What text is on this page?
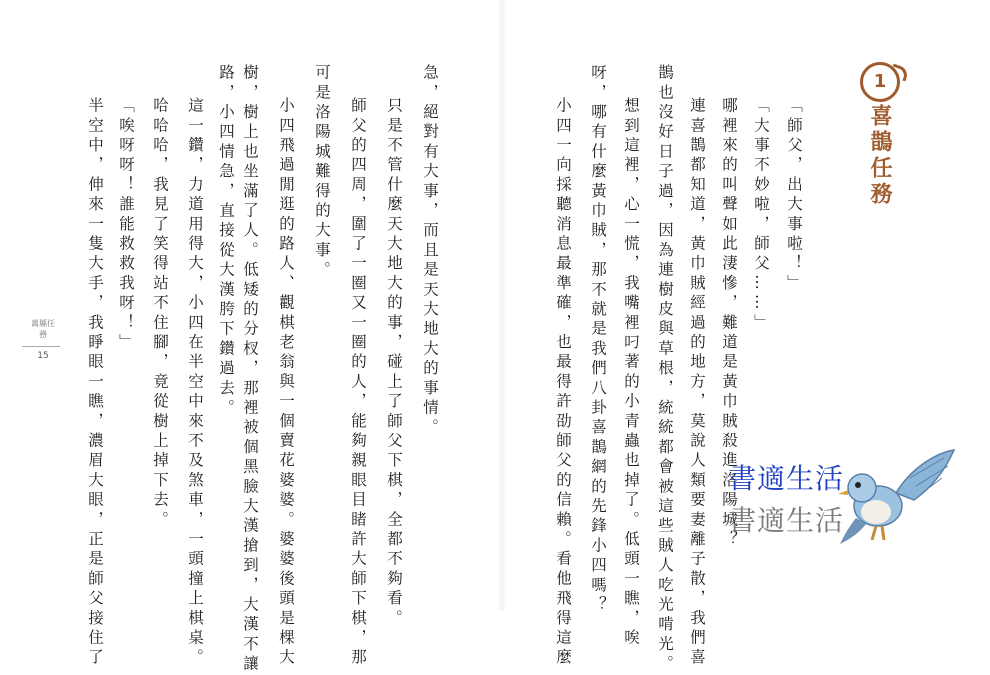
萬縣任務
15	急，絕對有大事，而且是天大地大的事情。
只是不管什麼天大地大的事，碰上了師父下棋，全都不夠看。
師父的四周，圍了一圈又一圈的人，能夠親眼目睹許大師下棋，那
可是洛陽城難得的大事。
小四飛過閒逛的路人、觀棋老翁與一個賣花婆婆。婆婆後頭是棵大
樹，樹上也坐滿了人。低矮的分杈，那裡被個黑臉大漢搶到，大漢不讓
路，小四情急，直接從大漢胯下鑽過去。
這一鑽，力道用得大，小四在半空中來不及煞車，一頭撞上棋桌。
哈哈哈，我見了笑得站不住腳，竟從樹上掉下去。
「唉呀呀！誰能救救我呀！」
半空中，伸來一隻大手，我睜眼一瞧，濃眉大眼，正是師父接住了
1
喜鵲任務
「師父，出大事啦！」
「大事不妙啦，師父……」
哪裡來的叫聲如此淒慘，難道是黃巾賊殺進洛陽城？
連喜鵲都知道，黃巾賊經過的地方，莫說人類要妻離子散，我們喜
鵲也沒好日子過，因為連樹皮與草根，統統都會被這些賊人吃光啃光。
想到這裡，心一慌，我嘴裡叼著的小青蟲也掉了。低頭一瞧，唉
呀，哪有什麼黃巾賊，那不就是我們八卦喜鵲網的先鋒小四嗎？
小四一向採聽消息最準確，也最得許劭師父的信賴。看他飛得這麼	書適生活
書適生活
